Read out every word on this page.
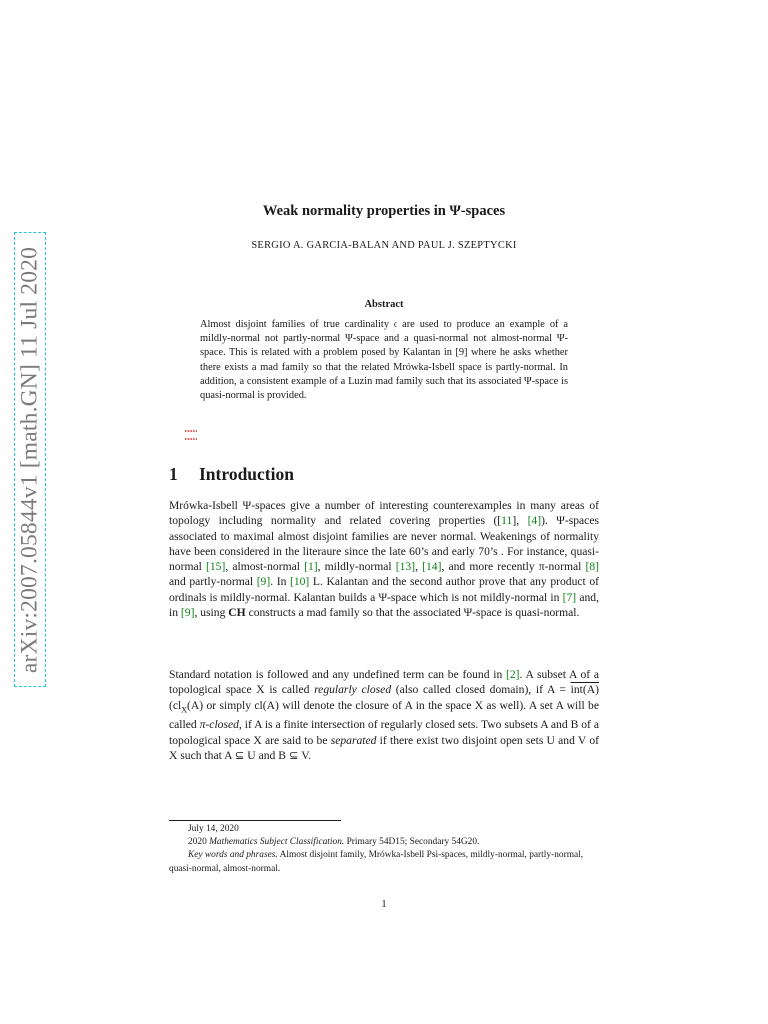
arXiv:2007.05844v1 [math.GN] 11 Jul 2020
Weak normality properties in Ψ-spaces
SERGIO A. GARCIA-BALAN AND PAUL J. SZEPTYCKI
Abstract
Almost disjoint families of true cardinality 𝔠 are used to produce an example of a mildly-normal not partly-normal Ψ-space and a quasi-normal not almost-normal Ψ-space. This is related with a problem posed by Kalantan in [9] where he asks whether there exists a mad family so that the related Mrówka-Isbell space is partly-normal. In addition, a consistent example of a Luzin mad family such that its associated Ψ-space is quasi-normal is provided.
1 Introduction
Mrówka-Isbell Ψ-spaces give a number of interesting counterexamples in many areas of topology including normality and related covering properties ([11], [4]). Ψ-spaces associated to maximal almost disjoint families are never normal. Weakenings of normality have been considered in the literaure since the late 60’s and early 70’s . For instance, quasi-normal [15], almost-normal [1], mildly-normal [13], [14], and more recently π-normal [8] and partly-normal [9]. In [10] L. Kalantan and the second author prove that any product of ordinals is mildly-normal. Kalantan builds a Ψ-space which is not mildly-normal in [7] and, in [9], using CH constructs a mad family so that the associated Ψ-space is quasi-normal.
Standard notation is followed and any undefined term can be found in [2]. A subset A of a topological space X is called regularly closed (also called closed domain), if A = int(A) ($cl_X(A)$ or simply cl(A) will denote the closure of A in the space X as well). A set A will be called π-closed, if A is a finite intersection of regularly closed sets. Two subsets A and B of a topological space X are said to be separated if there exist two disjoint open sets U and V of X such that A ⊆ U and B ⊆ V.

July 14, 2020

2020 Mathematics Subject Classification. Primary 54D15; Secondary 54G20.

Key words and phrases. Almost disjoint family, Mrówka-Isbell Psi-spaces, mildly-normal, partly-normal, quasi-normal, almost-normal.

1
